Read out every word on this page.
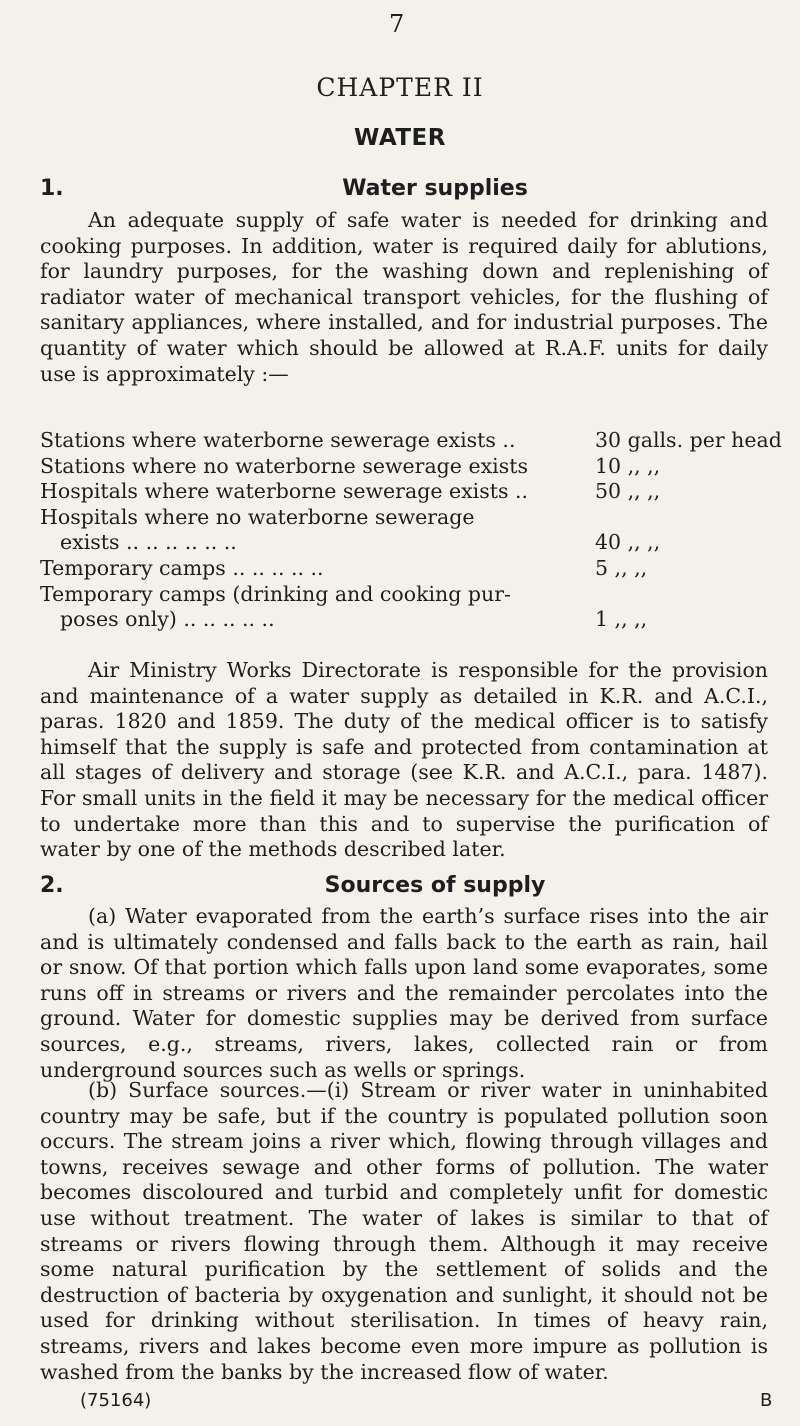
7
CHAPTER II
WATER
1.	Water supplies

An adequate supply of safe water is needed for drinking and cooking purposes. In addition, water is required daily for ablutions, for laundry purposes, for the washing down and replenishing of radiator water of mechanical transport vehicles, for the flushing of sanitary appliances, where installed, and for industrial purposes. The quantity of water which should be allowed at R.A.F. units for daily use is approximately :—

Stations where waterborne sewerage exists ..	30 galls. per head
Stations where no waterborne sewerage exists	10 ,, ,,
Hospitals where waterborne sewerage exists ..	50 ,, ,,
Hospitals where no waterborne sewerage
exists .. .. .. .. .. ..	40 ,, ,,
Temporary camps .. .. .. .. ..	5 ,, ,,
Temporary camps (drinking and cooking pur-
poses only) .. .. .. .. ..	1 ,, ,,

Air Ministry Works Directorate is responsible for the provision and maintenance of a water supply as detailed in K.R. and A.C.I., paras. 1820 and 1859. The duty of the medical officer is to satisfy himself that the supply is safe and protected from contamination at all stages of delivery and storage (see K.R. and A.C.I., para. 1487). For small units in the field it may be necessary for the medical officer to undertake more than this and to supervise the purification of water by one of the methods described later.

2.	Sources of supply

(a) Water evaporated from the earth’s surface rises into the air and is ultimately condensed and falls back to the earth as rain, hail or snow. Of that portion which falls upon land some evaporates, some runs off in streams or rivers and the remainder percolates into the ground. Water for domestic supplies may be derived from surface sources, e.g., streams, rivers, lakes, collected rain or from underground sources such as wells or springs.

(b) Surface sources.—(i) Stream or river water in uninhabited country may be safe, but if the country is populated pollution soon occurs. The stream joins a river which, flowing through villages and towns, receives sewage and other forms of pollution. The water becomes discoloured and turbid and completely unfit for domestic use without treatment. The water of lakes is similar to that of streams or rivers flowing through them. Although it may receive some natural purification by the settlement of solids and the destruction of bacteria by oxygenation and sunlight, it should not be used for drinking without sterilisation. In times of heavy rain, streams, rivers and lakes become even more impure as pollution is washed from the banks by the increased flow of water.

(75164)	B
